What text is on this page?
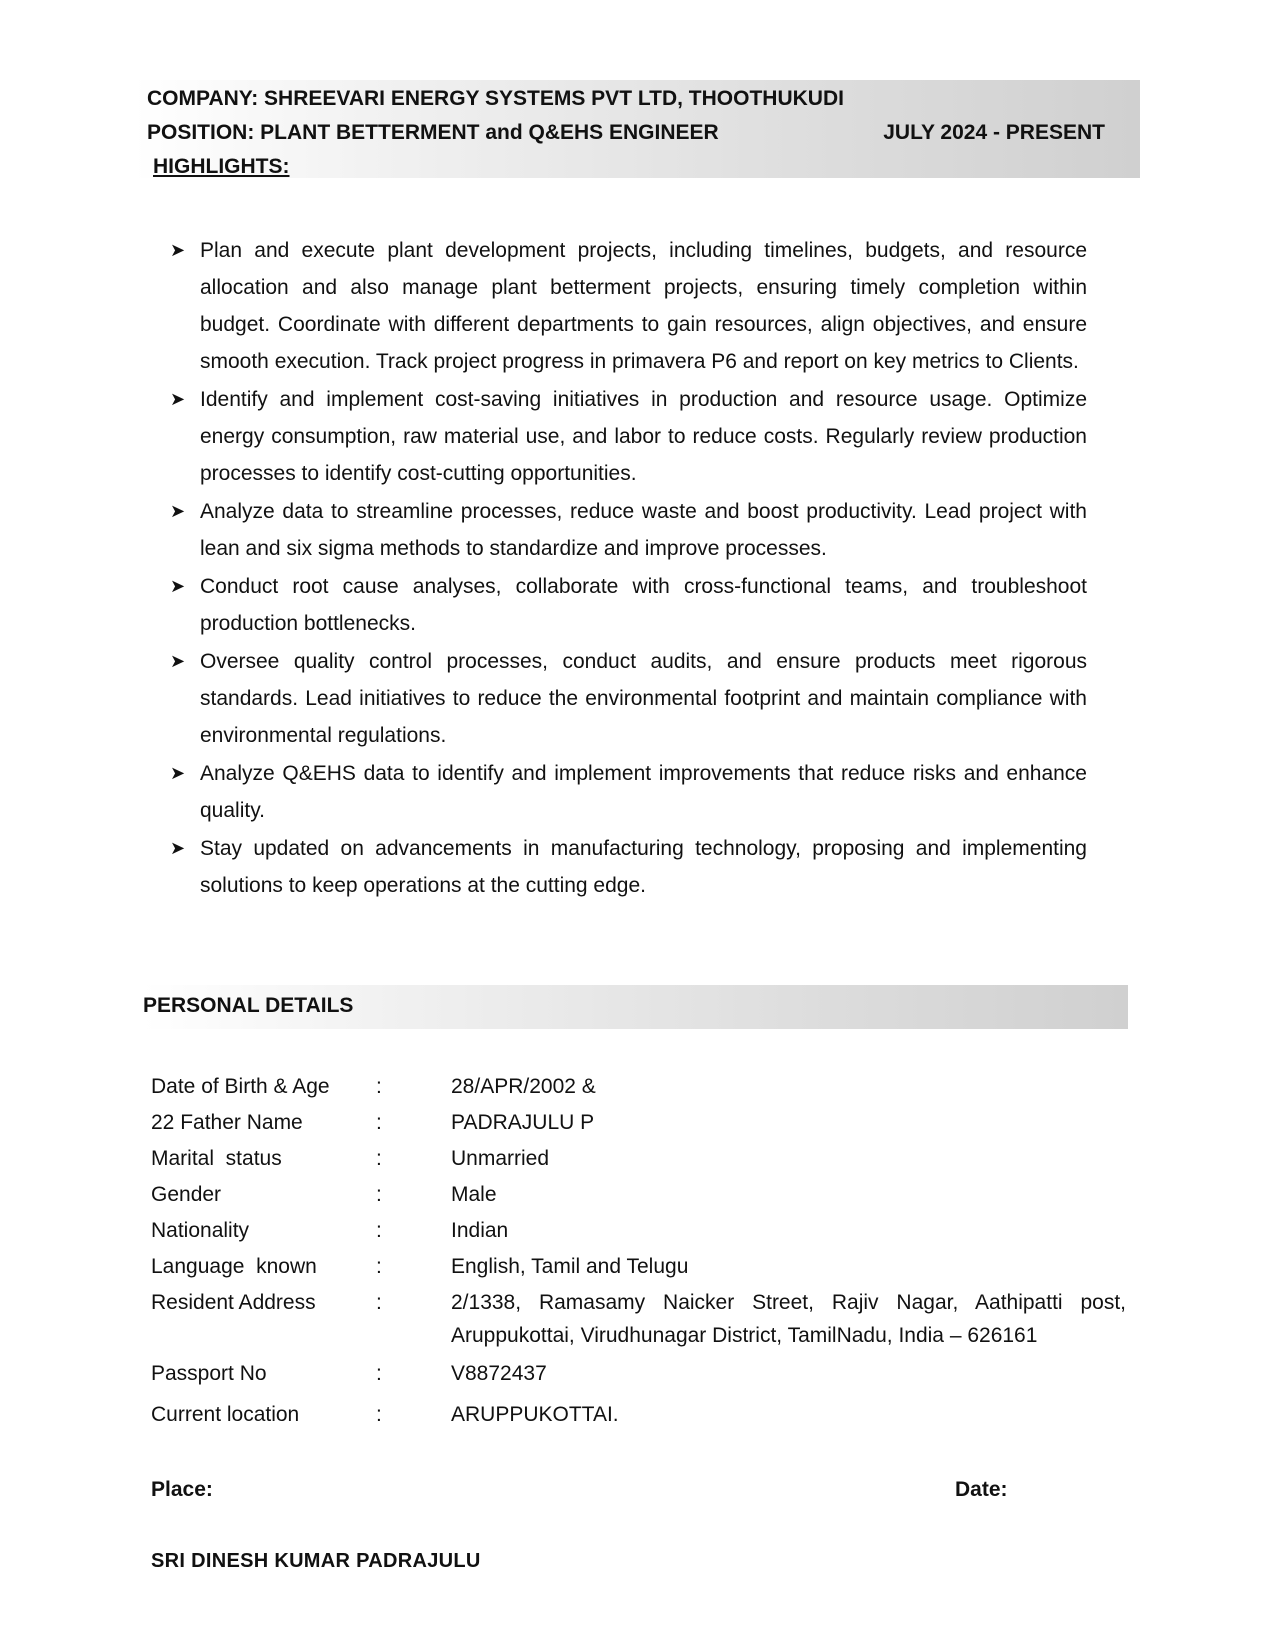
COMPANY: SHREEVARI ENERGY SYSTEMS PVT LTD, THOOTHUKUDI
POSITION: PLANT BETTERMENT and Q&EHS ENGINEER	JULY 2024 - PRESENT
HIGHLIGHTS:
➤ Plan and execute plant development projects, including timelines, budgets, and resource allocation and also manage plant betterment projects, ensuring timely completion within budget. Coordinate with different departments to gain resources, align objectives, and ensure smooth execution. Track project progress in primavera P6 and report on key metrics to Clients.
➤ Identify and implement cost-saving initiatives in production and resource usage. Optimize energy consumption, raw material use, and labor to reduce costs. Regularly review production processes to identify cost-cutting opportunities.
➤ Analyze data to streamline processes, reduce waste and boost productivity. Lead project with lean and six sigma methods to standardize and improve processes.
➤ Conduct root cause analyses, collaborate with cross-functional teams, and troubleshoot production bottlenecks.
➤ Oversee quality control processes, conduct audits, and ensure products meet rigorous standards. Lead initiatives to reduce the environmental footprint and maintain compliance with environmental regulations.
➤ Analyze Q&EHS data to identify and implement improvements that reduce risks and enhance quality.
➤ Stay updated on advancements in manufacturing technology, proposing and implementing solutions to keep operations at the cutting edge.
PERSONAL DETAILS
Date of Birth & Age :	28/APR/2002 &
22 Father Name	:	PADRAJULU P
Marital  status	:	Unmarried
Gender	:	Male
Nationality	:	Indian
Language  known	:	English, Tamil and Telugu
Resident Address	:	2/1338, Ramasamy Naicker Street, Rajiv Nagar, Aathipatti post, Aruppukottai, Virudhunagar District, TamilNadu, India – 626161
Passport No	:	V8872437
Current location	:	ARUPPUKOTTAI.
Place:	Date:
SRI DINESH KUMAR PADRAJULU
